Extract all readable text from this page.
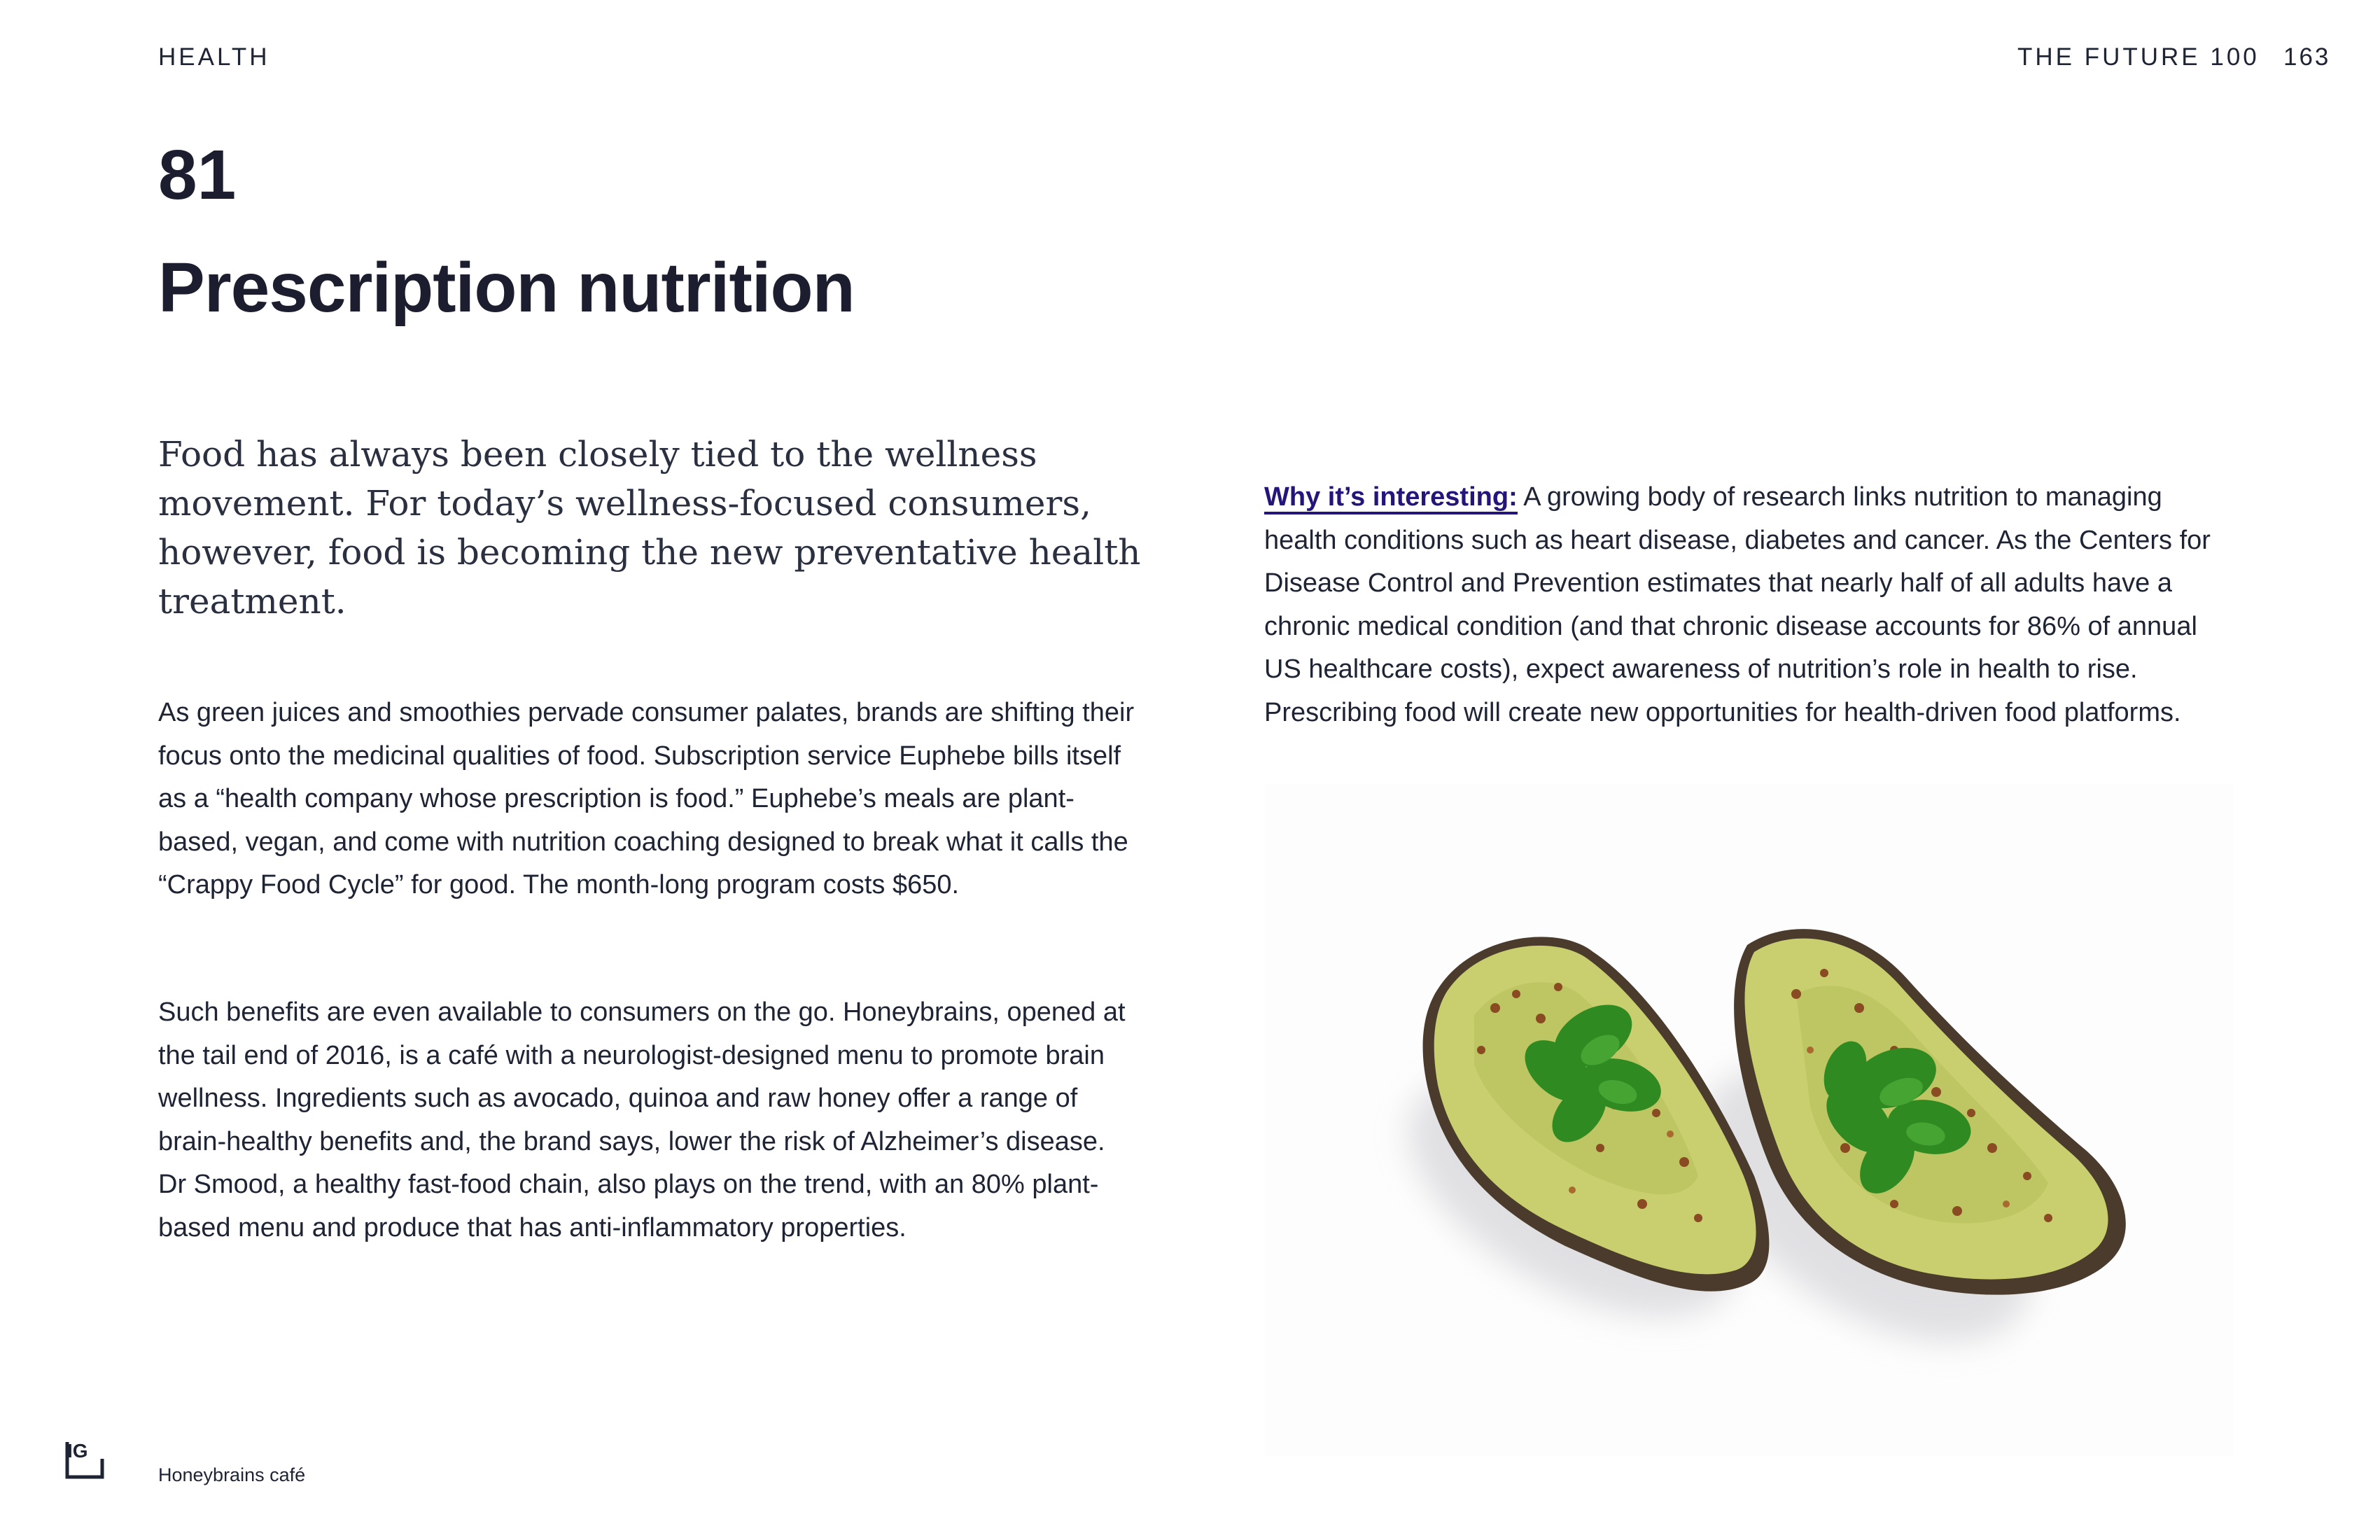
HEALTH	THE FUTURE 100 163
81
Prescription nutrition

Food has always been closely tied to the wellness movement. For today’s wellness-focused consumers, however, food is becoming the new preventative health treatment.

As green juices and smoothies pervade consumer palates, brands are shifting their focus onto the medicinal qualities of food. Subscription service Euphebe bills itself as a “health company whose prescription is food.” Euphebe’s meals are plant-based, vegan, and come with nutrition coaching designed to break what it calls the “Crappy Food Cycle” for good. The month-long program costs $650.

Such benefits are even available to consumers on the go. Honeybrains, opened at the tail end of 2016, is a café with a neurologist-designed menu to promote brain wellness. Ingredients such as avocado, quinoa and raw honey offer a range of brain-healthy benefits and, the brand says, lower the risk of Alzheimer’s disease. Dr Smood, a healthy fast-food chain, also plays on the trend, with an 80% plant-based menu and produce that has anti-inflammatory properties.

Why it’s interesting: A growing body of research links nutrition to managing health conditions such as heart disease, diabetes and cancer. As the Centers for Disease Control and Prevention estimates that nearly half of all adults have a chronic medical condition (and that chronic disease accounts for 86% of annual US healthcare costs), expect awareness of nutrition’s role in health to rise. Prescribing food will create new opportunities for health-driven food platforms.

IG
Honeybrains café
